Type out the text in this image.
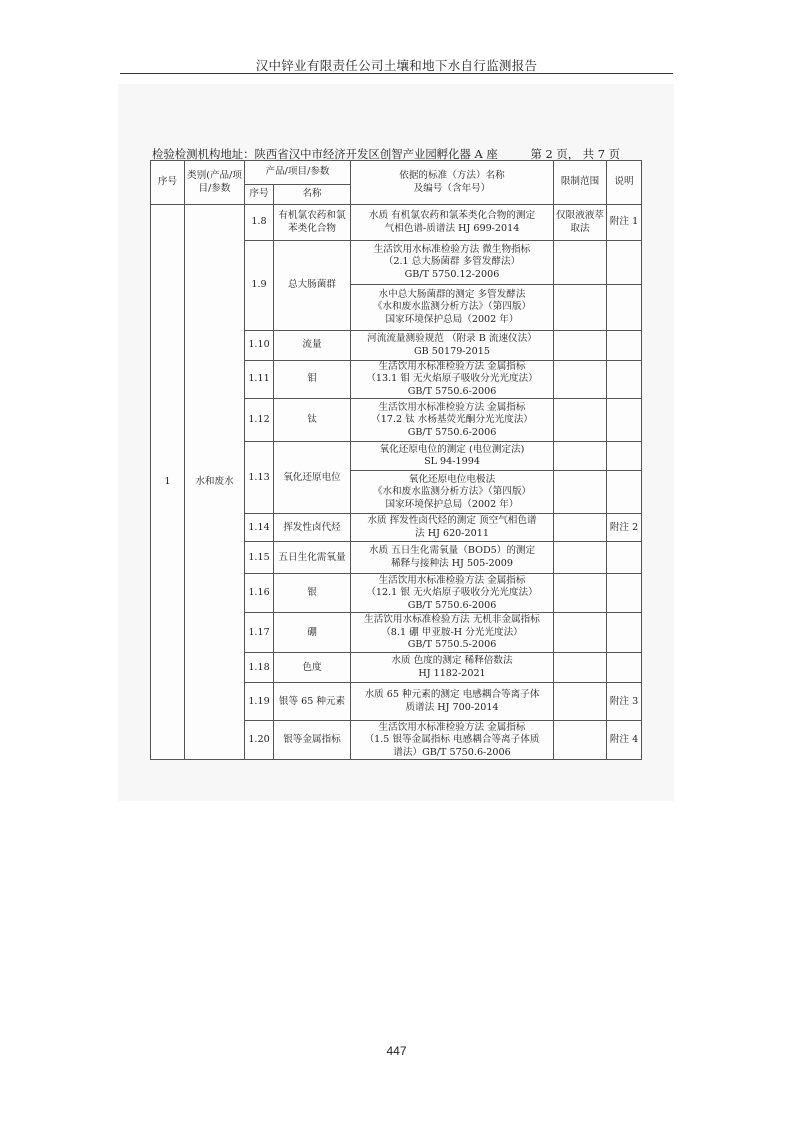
汉中锌业有限责任公司土壤和地下水自行监测报告
检验检测机构地址：陕西省汉中市经济开发区创智产业园孵化器 A 座	第 2 页， 共 7 页
序号	类别(产品/项目/参数	产品/项目/参数		依据的标准（方法）名称
及编号（含年号）	限制范围	说明
		序号	名称			
1	水和废水	1.8	有机氯农药和氯苯类化合物	水质 有机氯农药和氯苯类化合物的测定
气相色谱-质谱法 HJ 699-2014	仅限液液萃取法	附注 1
		1.9	总大肠菌群	生活饮用水标准检验方法 微生物指标
（2.1 总大肠菌群 多管发酵法）
GB/T 5750.12-2006		
				水中总大肠菌群的测定 多管发酵法
《水和废水监测分析方法》（第四版）
国家环境保护总局（2002 年）		
		1.10	流量	河流流量测验规范 （附录 B 流速仪法）
GB 50179-2015		
		1.11	钼	生活饮用水标准检验方法 金属指标
（13.1 钼 无火焰原子吸收分光光度法）
GB/T 5750.6-2006		
		1.12	钛	生活饮用水标准检验方法 金属指标
（17.2 钛 水杨基荧光酮分光光度法）
GB/T 5750.6-2006		
		1.13	氧化还原电位	氧化还原电位的测定 (电位测定法)
SL 94-1994		
				氧化还原电位电极法
《水和废水监测分析方法》（第四版）
国家环境保护总局（2002 年）		
		1.14	挥发性卤代烃	水质 挥发性卤代烃的测定 顶空气相色谱
法 HJ 620-2011		附注 2
		1.15	五日生化需氧量	水质 五日生化需氧量（BOD5）的测定
稀释与接种法 HJ 505-2009		
		1.16	银	生活饮用水标准检验方法 金属指标
（12.1 银 无火焰原子吸收分光光度法）
GB/T 5750.6-2006		
		1.17	硼	生活饮用水标准检验方法 无机非金属指标
（8.1 硼 甲亚胺-H 分光光度法）
GB/T 5750.5-2006		
		1.18	色度	水质 色度的测定 稀释倍数法
HJ 1182-2021		
		1.19	银等 65 种元素	水质 65 种元素的测定 电感耦合等离子体
质谱法 HJ 700-2014		附注 3
		1.20	银等金属指标	生活饮用水标准检验方法 金属指标
（1.5 银等金属指标 电感耦合等离子体质
谱法）GB/T 5750.6-2006		附注 4
447
